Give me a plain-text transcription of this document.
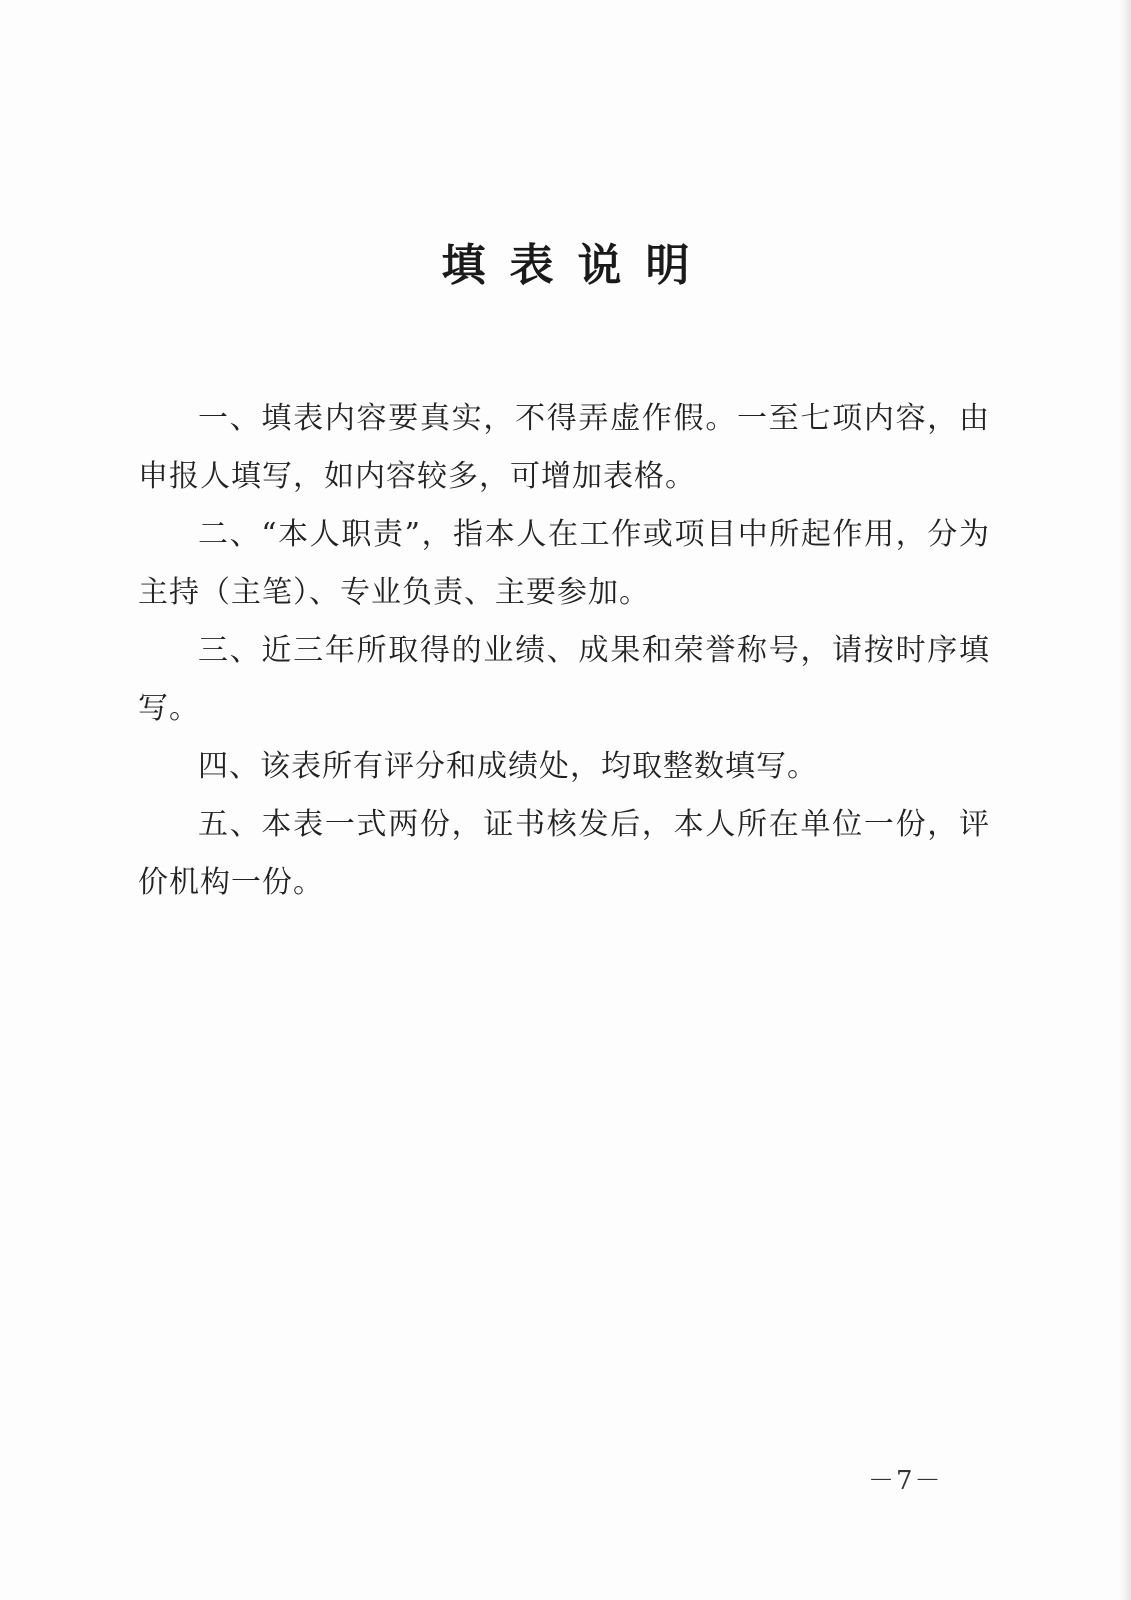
填表说明

一、填表内容要真实，不得弄虚作假。一至七项内容，由申报人填写，如内容较多，可增加表格。

二、“本人职责”，指本人在工作或项目中所起作用，分为主持（主笔）、专业负责、主要参加。

三、近三年所取得的业绩、成果和荣誉称号，请按时序填写。

四、该表所有评分和成绩处，均取整数填写。

五、本表一式两份，证书核发后，本人所在单位一份，评价机构一份。

－7－
